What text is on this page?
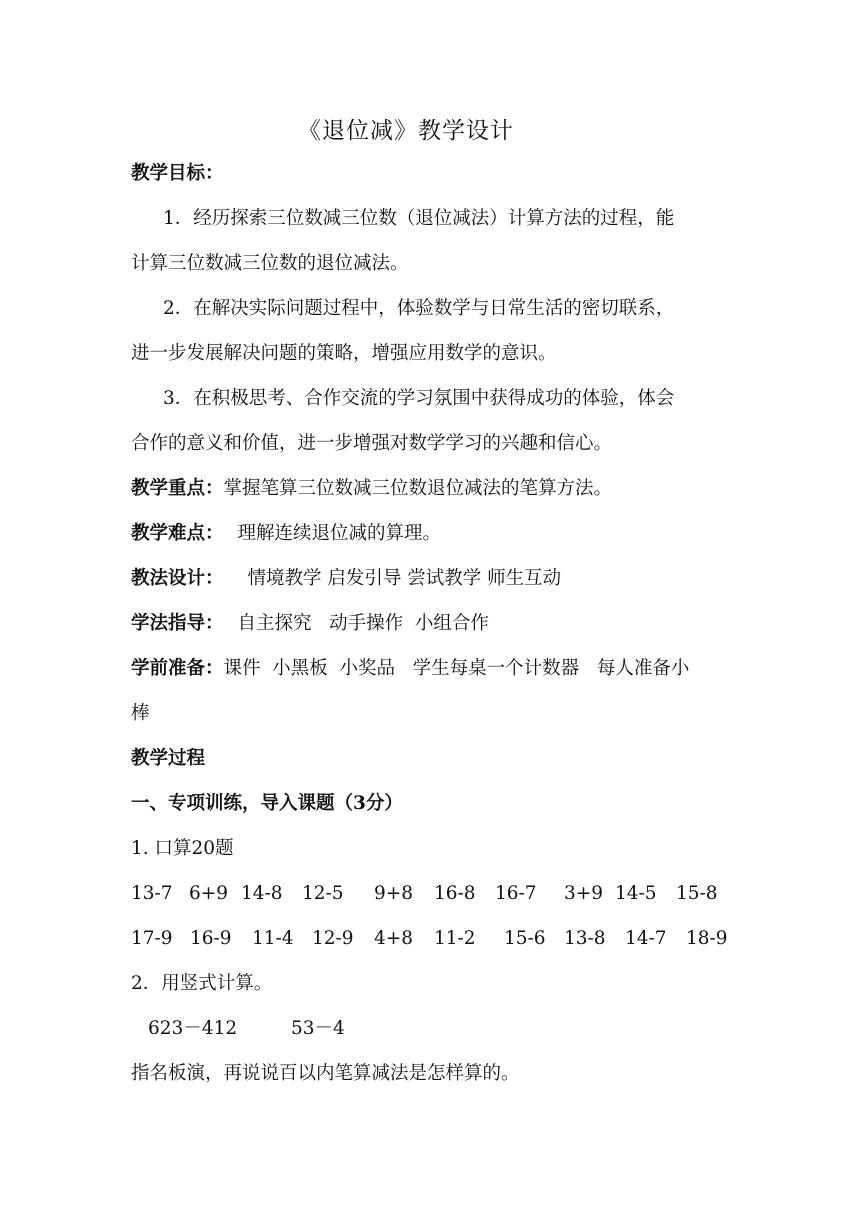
《退位减》教学设计
教学目标：
1．经历探索三位数减三位数（退位减法）计算方法的过程，能
计算三位数减三位数的退位减法。
2．在解决实际问题过程中，体验数学与日常生活的密切联系，
进一步发展解决问题的策略，增强应用数学的意识。
3．在积极思考、合作交流的学习氛围中获得成功的体验，体会
合作的意义和价值，进一步增强对数学学习的兴趣和信心。
教学重点：掌握笔算三位数减三位数退位减法的笔算方法。
教学难点： 理解连续退位减的算理。
教法设计： 情境教学 启发引导 尝试教学 师生互动
学法指导： 自主探究   动手操作  小组合作
学前准备：课件  小黑板  小奖品   学生每桌一个计数器   每人准备小
棒
教学过程
一、专项训练，导入课题（3分）
1. 口算20题
13-7 6+9 14-8 12-5 9+8 16-8 16-7 3+9 14-5 15-8
17-9 16-9 11-4 12-9 4+8 11-2 15-6 13-8 14-7 18-9
2．用竖式计算。
623－412	53－4
指名板演，再说说百以内笔算减法是怎样算的。
